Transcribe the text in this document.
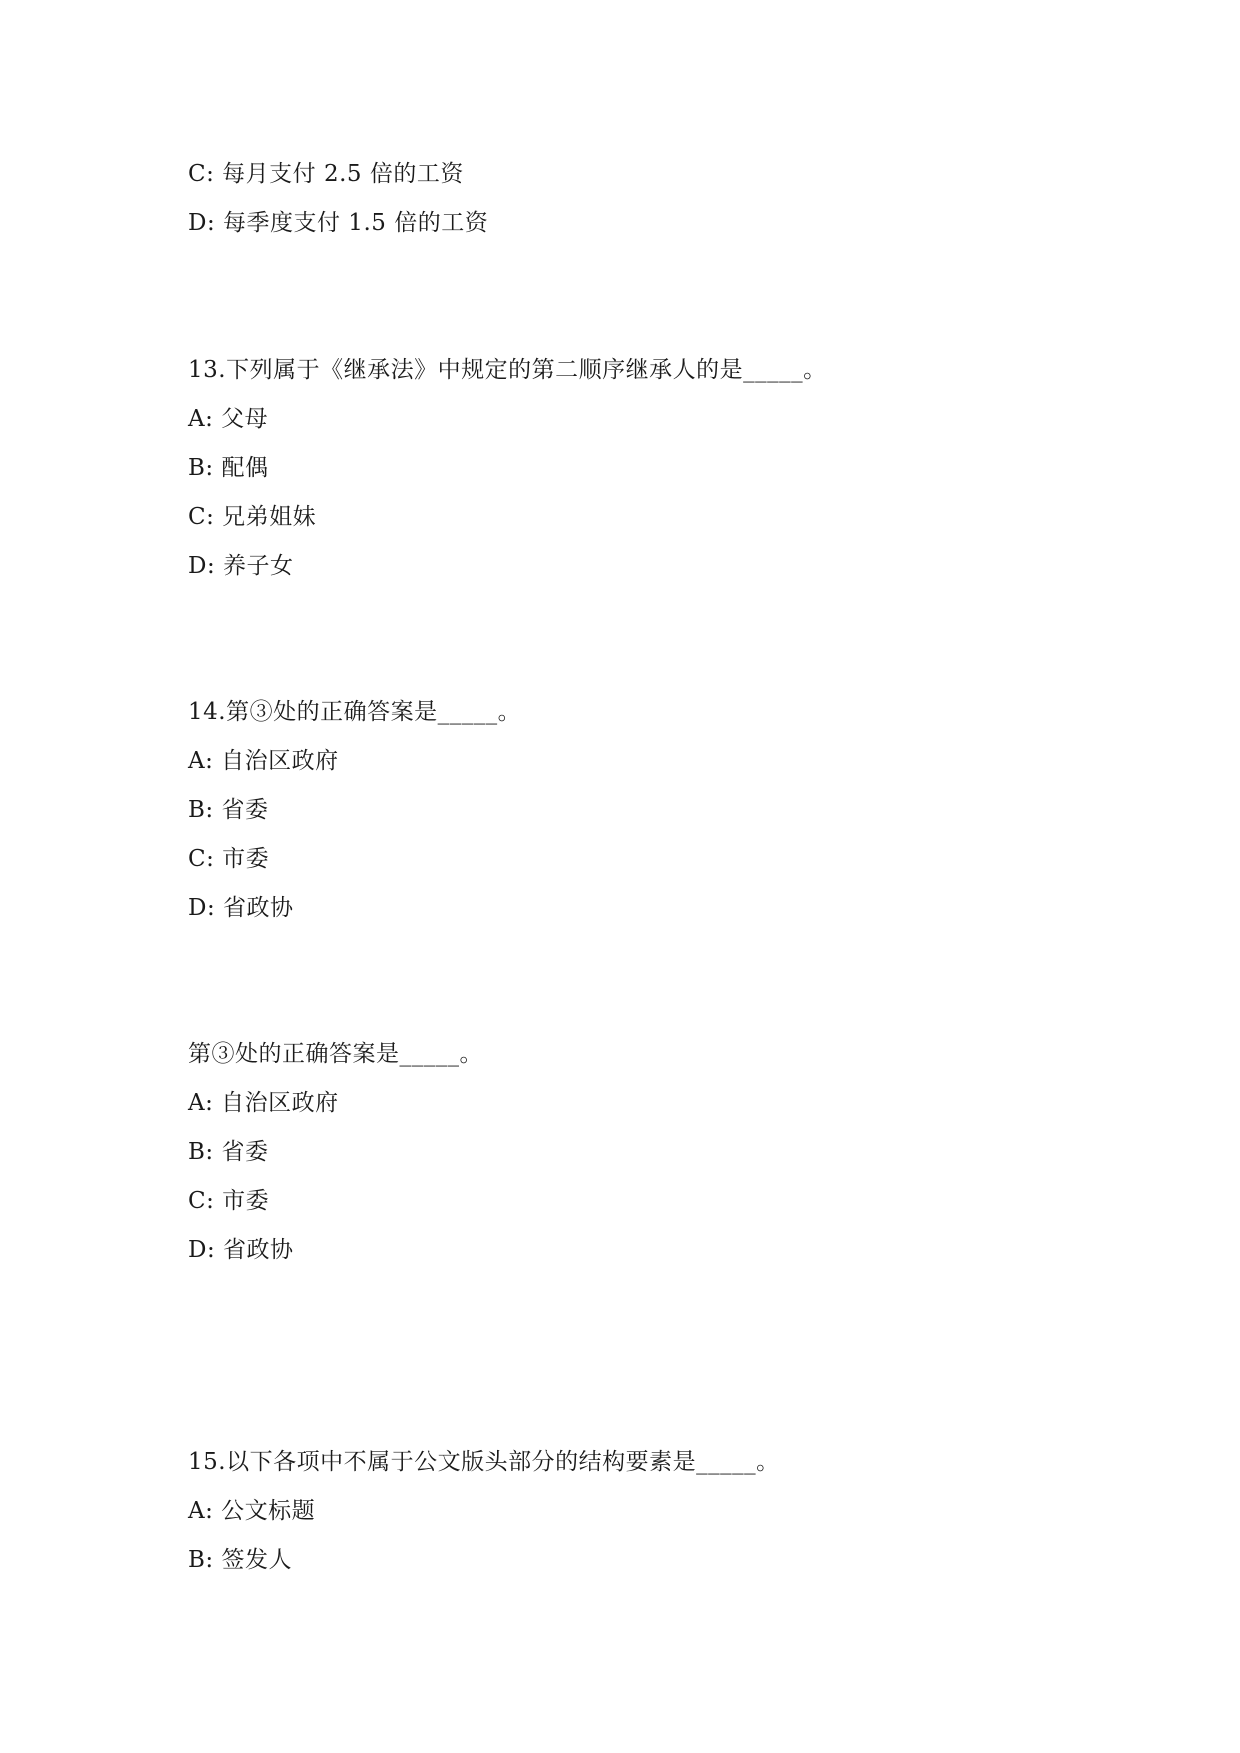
C: 每月支付 2.5 倍的工资
D: 每季度支付 1.5 倍的工资
13.下列属于《继承法》中规定的第二顺序继承人的是_____。
A: 父母
B: 配偶
C: 兄弟姐妹
D: 养子女
14.第③处的正确答案是_____。
A: 自治区政府
B: 省委
C: 市委
D: 省政协
第③处的正确答案是_____。
A: 自治区政府
B: 省委
C: 市委
D: 省政协
15.以下各项中不属于公文版头部分的结构要素是_____。
A: 公文标题
B: 签发人
